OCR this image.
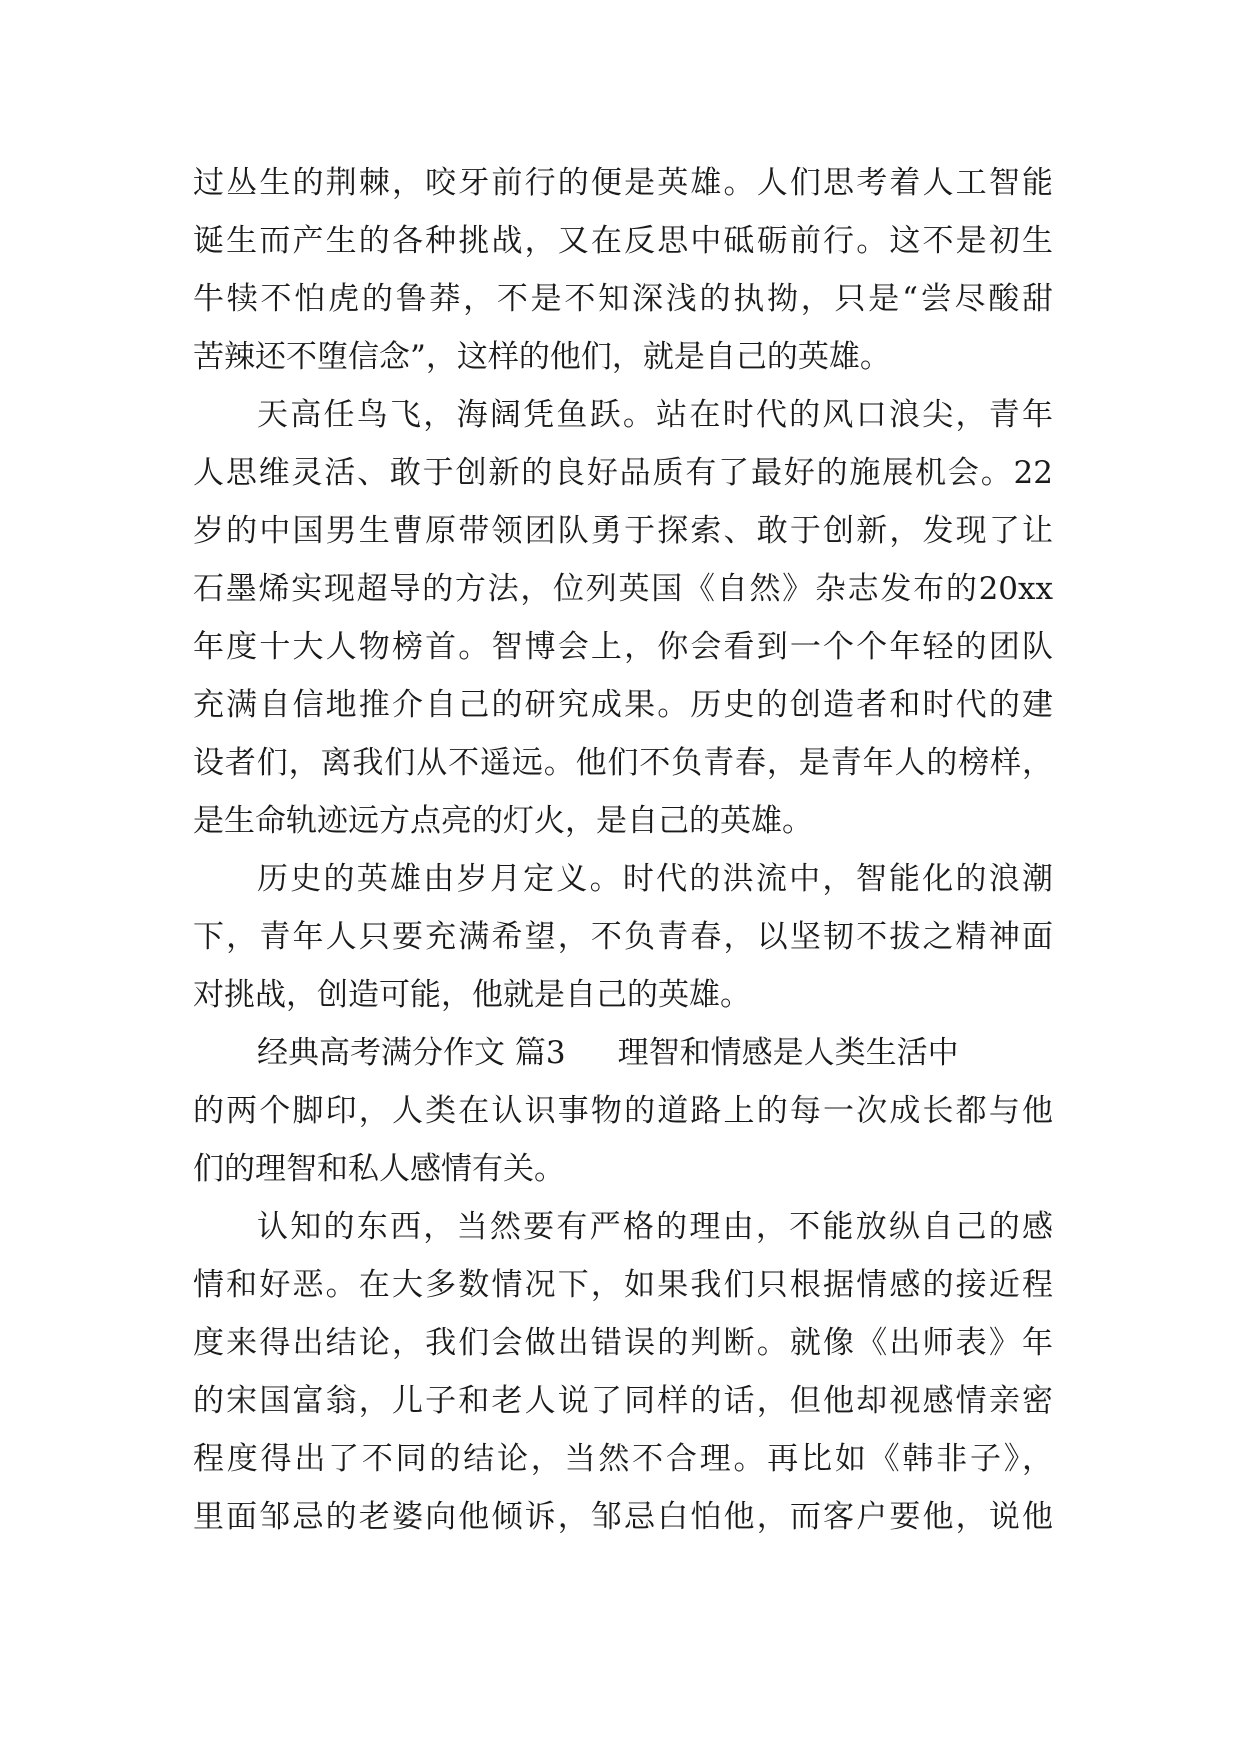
过丛生的荆棘，咬牙前行的便是英雄。人们思考着人工智能
诞生而产生的各种挑战，又在反思中砥砺前行。这不是初生
牛犊不怕虎的鲁莽，不是不知深浅的执拗，只是“尝尽酸甜
苦辣还不堕信念”，这样的他们，就是自己的英雄。
天高任鸟飞，海阔凭鱼跃。站在时代的风口浪尖，青年
人思维灵活、敢于创新的良好品质有了最好的施展机会。22
岁的中国男生曹原带领团队勇于探索、敢于创新，发现了让
石墨烯实现超导的方法，位列英国《自然》杂志发布的20xx
年度十大人物榜首。智博会上，你会看到一个个年轻的团队
充满自信地推介自己的研究成果。历史的创造者和时代的建
设者们，离我们从不遥远。他们不负青春，是青年人的榜样，
是生命轨迹远方点亮的灯火，是自己的英雄。
历史的英雄由岁月定义。时代的洪流中，智能化的浪潮
下，青年人只要充满希望，不负青春，以坚韧不拔之精神面
对挑战，创造可能，他就是自己的英雄。
经典高考满分作文 篇3 理智和情感是人类生活中
的两个脚印，人类在认识事物的道路上的每一次成长都与他
们的理智和私人感情有关。
认知的东西，当然要有严格的理由，不能放纵自己的感
情和好恶。在大多数情况下，如果我们只根据情感的接近程
度来得出结论，我们会做出错误的判断。就像《出师表》年
的宋国富翁，儿子和老人说了同样的话，但他却视感情亲密
程度得出了不同的结论，当然不合理。再比如《韩非子》，
里面邹忌的老婆向他倾诉，邹忌白怕他，而客户要他，说他
